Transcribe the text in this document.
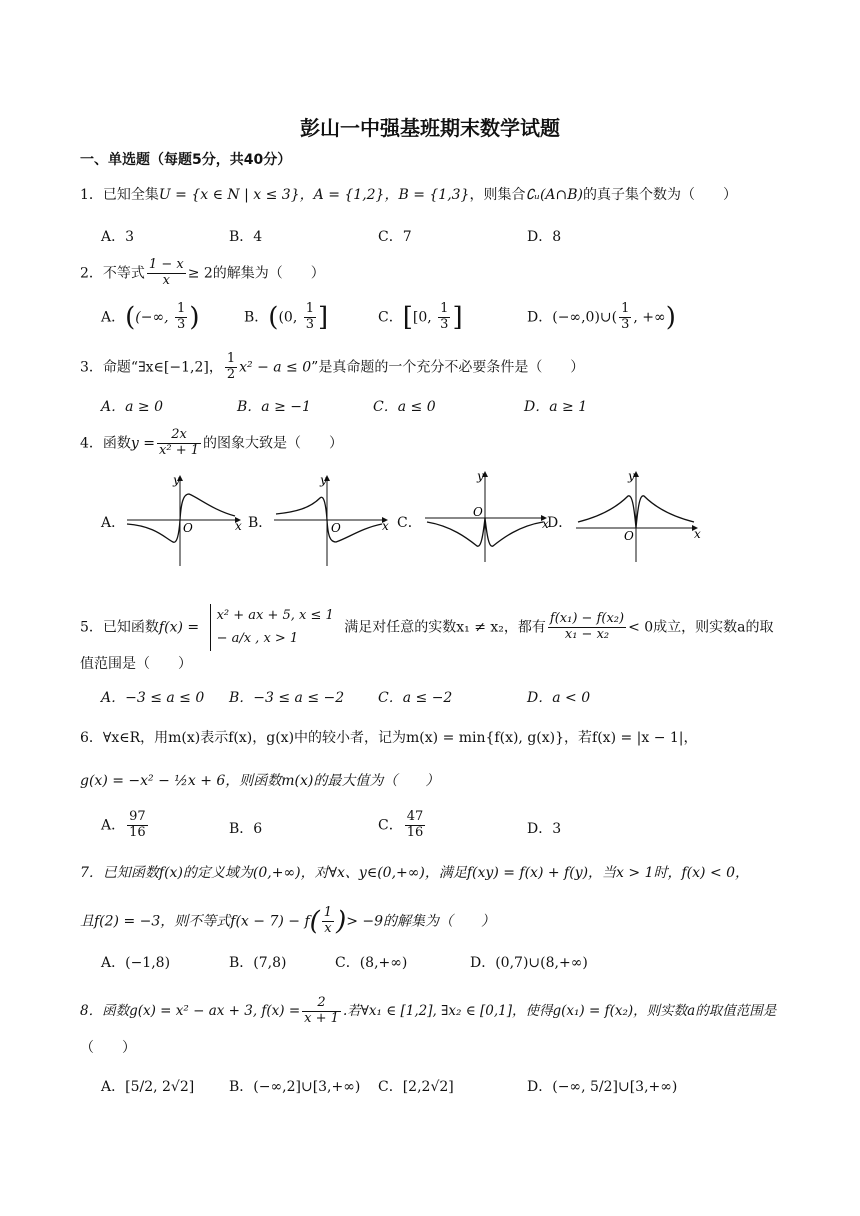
彭山一中强基班期末数学试题
一、单选题（每题5分，共40分）
1．已知全集U = {x ∈ N | x ≤ 3}，A = {1,2}，B = {1,3}，则集合∁ᵤ(A∩B)的真子集个数为（　　）
A．3	B．4	C．7	D．8
2．不等式 $\frac{1 - x}{x} \ge 2$的解集为（　　）
A．((−∞, $\frac{1}{3}$ )	B．((0, $\frac{1}{3}$ ]	C．[[0, $\frac{1}{3}$ ]	D．(−∞,0)∪( $\frac{1}{3}$ , +∞)
3．命题“∃x∈[−1,2]， $\frac{1}{2} x^2 - a \le 0$”是真命题的一个充分不必要条件是（　　）
A．a ≥ 0	B．a ≥ −1	C．a ≤ 0	D．a ≥ 1
4．函数$y = \frac{2x}{\text{x² + 1}}$ 的图象大致是（　　）
A．	B．	C．	D．
y
x
O
y
x
O
y
x
O
y
x
O
5．已知函数f(x) =
x² + ax + 5, x ≤ 1
− a/x , x > 1
满足对任意的实数x₁ ≠ x₂，都有 $\frac{\text{f(x₁) − f(x₂)}}{\text{x₁ − x₂}} < 0$成立，则实数a的取
值范围是（　　）
A．−3 ≤ a ≤ 0 B．−3 ≤ a ≤ −2 C．a ≤ −2	D．a < 0
6．∀x∈R，用m(x)表示f(x)，g(x)中的较小者，记为m(x) = min{f(x), g(x)}，若f(x) = |x − 1|，
g(x) = −x² − ½x + 6，则函数m(x)的最大值为（　　）
A． $\frac{97}{16}$	B．6	C． $\frac{47}{16}$	D．3
7．已知函数f(x)的定义域为(0,+∞)，对∀x、y∈(0,+∞)，满足f(xy) = f(x) + f(y)，当x > 1时，f(x) < 0，
且f(2) = −3，则不等式$f(x - 7) - f( \frac{1}{x}$ )> −9的解集为（　　）
A．(−1,8)	B．(7,8)	C．(8,+∞)	D．(0,7)∪(8,+∞)
8．函数g(x) = x² − ax + 3, $f(x) = \frac{2}{x + 1}$ .若∀x₁ ∈ [1,2], ∃x₂ ∈ [0,1]，使得g(x₁) = f(x₂)，则实数a的取值范围是
（　　）
A．[5/2, 2√2] B．(−∞,2]∪[3,+∞) C．[2,2√2]	D．(−∞, 5/2]∪[3,+∞)
